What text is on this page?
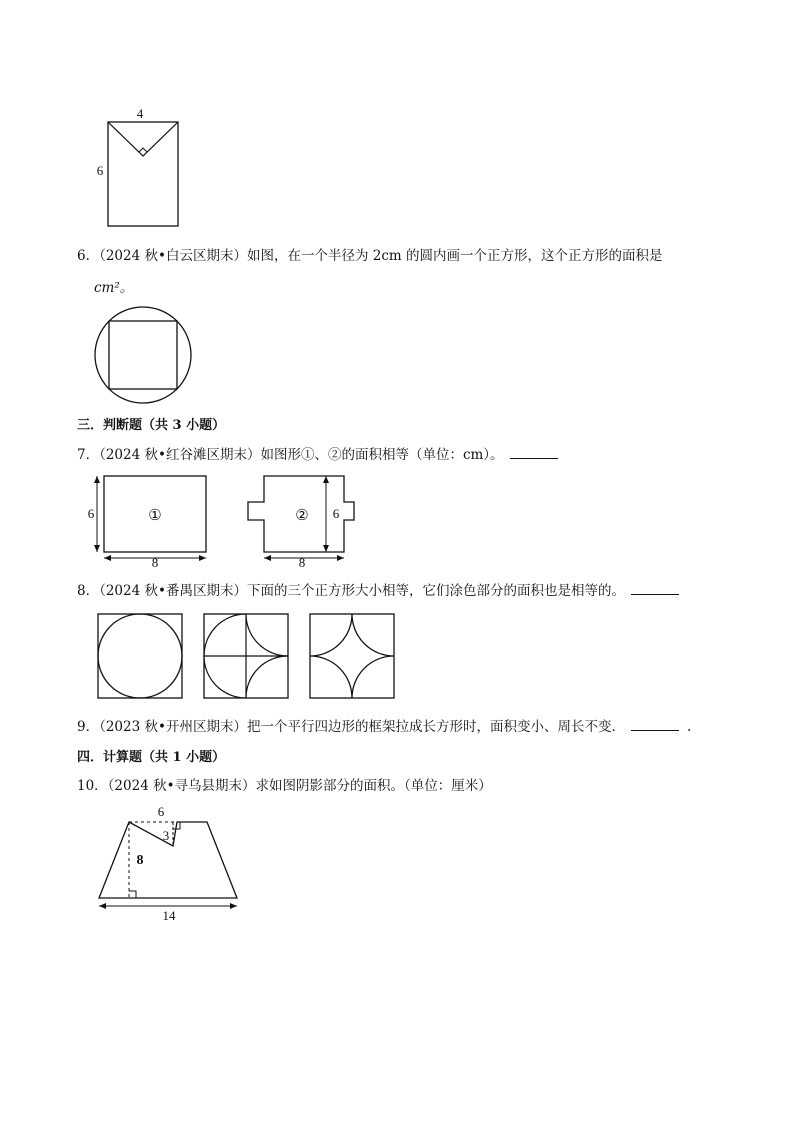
4
6
6．（2024 秋•白云区期末）如图，在一个半径为 2cm 的圆内画一个正方形，这个正方形的面积是
cm²。
三．判断题（共 3 小题）
7．（2024 秋•红谷滩区期末）如图形①、②的面积相等（单位：cm）。
①
6
8
② 6
8
8．（2024 秋•番禺区期末）下面的三个正方形大小相等，它们涂色部分的面积也是相等的。
9．（2023 秋•开州区期末）把一个平行四边形的框架拉成长方形时，面积变小、周长不变．	.
四．计算题（共 1 小题）
10．（2024 秋•寻乌县期末）求如图阴影部分的面积。（单位：厘米）
6
3
8
14
